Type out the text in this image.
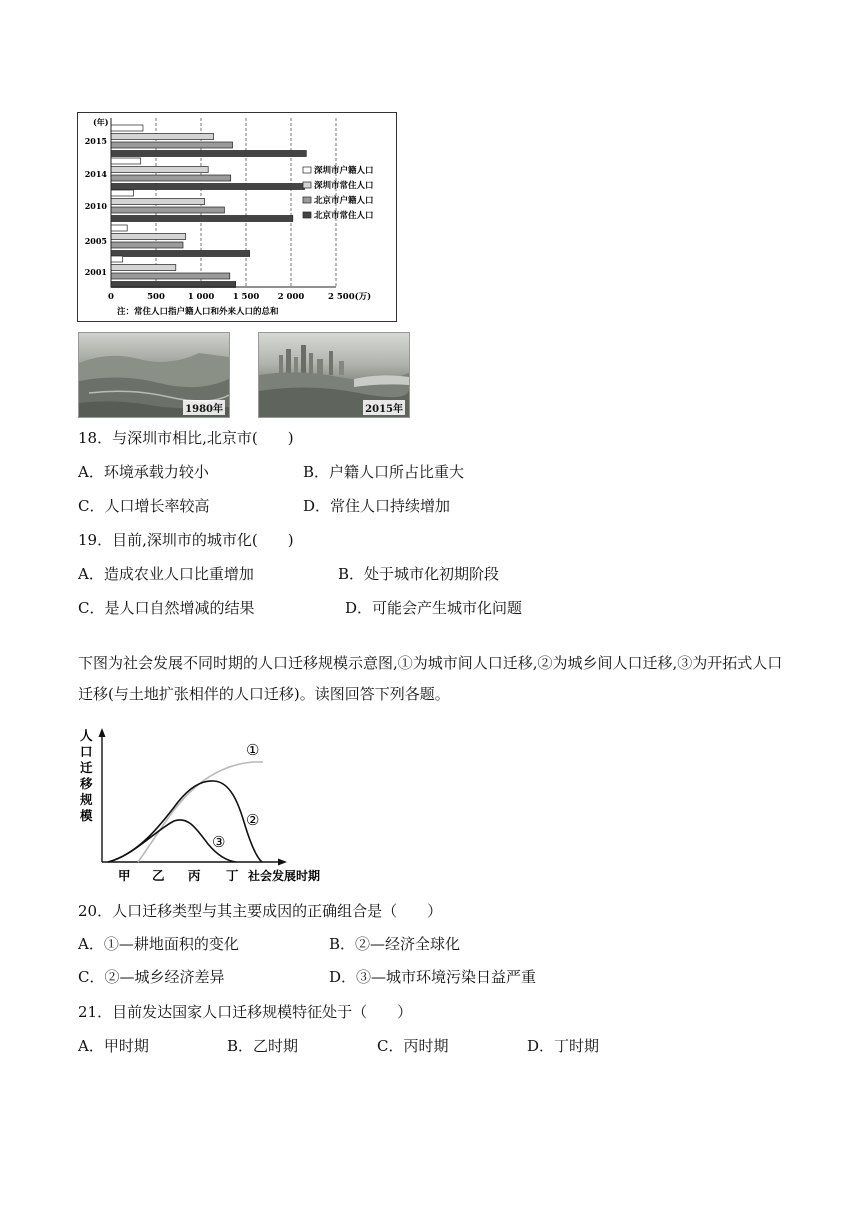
(年)
2015
2014
2010
2005
2001
0	500	1 000 1 500 2 000	2 500(万)
深圳市户籍人口
深圳市常住人口
北京市户籍人口
北京市常住人口
注：常住人口指户籍人口和外来人口的总和
1980年	2015年
18．与深圳市相比,北京市(　　)
A．环境承载力较小	B．户籍人口所占比重大
C．人口增长率较高	D．常住人口持续增加
19．目前,深圳市的城市化(　　)
A．造成农业人口比重增加	B．处于城市化初期阶段
C．是人口自然增减的结果	D．可能会产生城市化问题
下图为社会发展不同时期的人口迁移规模示意图,①为城市间人口迁移,②为城乡间人口迁移,③为开拓式人口迁移(与土地扩张相伴的人口迁移)。读图回答下列各题。
人
口
迁
移
规
模
①
②
③
甲 乙 丙 丁 社会发展时期
20．人口迁移类型与其主要成因的正确组合是（　　）
A．①—耕地面积的变化	B．②—经济全球化
C．②—城乡经济差异	D．③—城市环境污染日益严重
21．目前发达国家人口迁移规模特征处于（　　）
A．甲时期	B．乙时期	C．丙时期	D．丁时期
